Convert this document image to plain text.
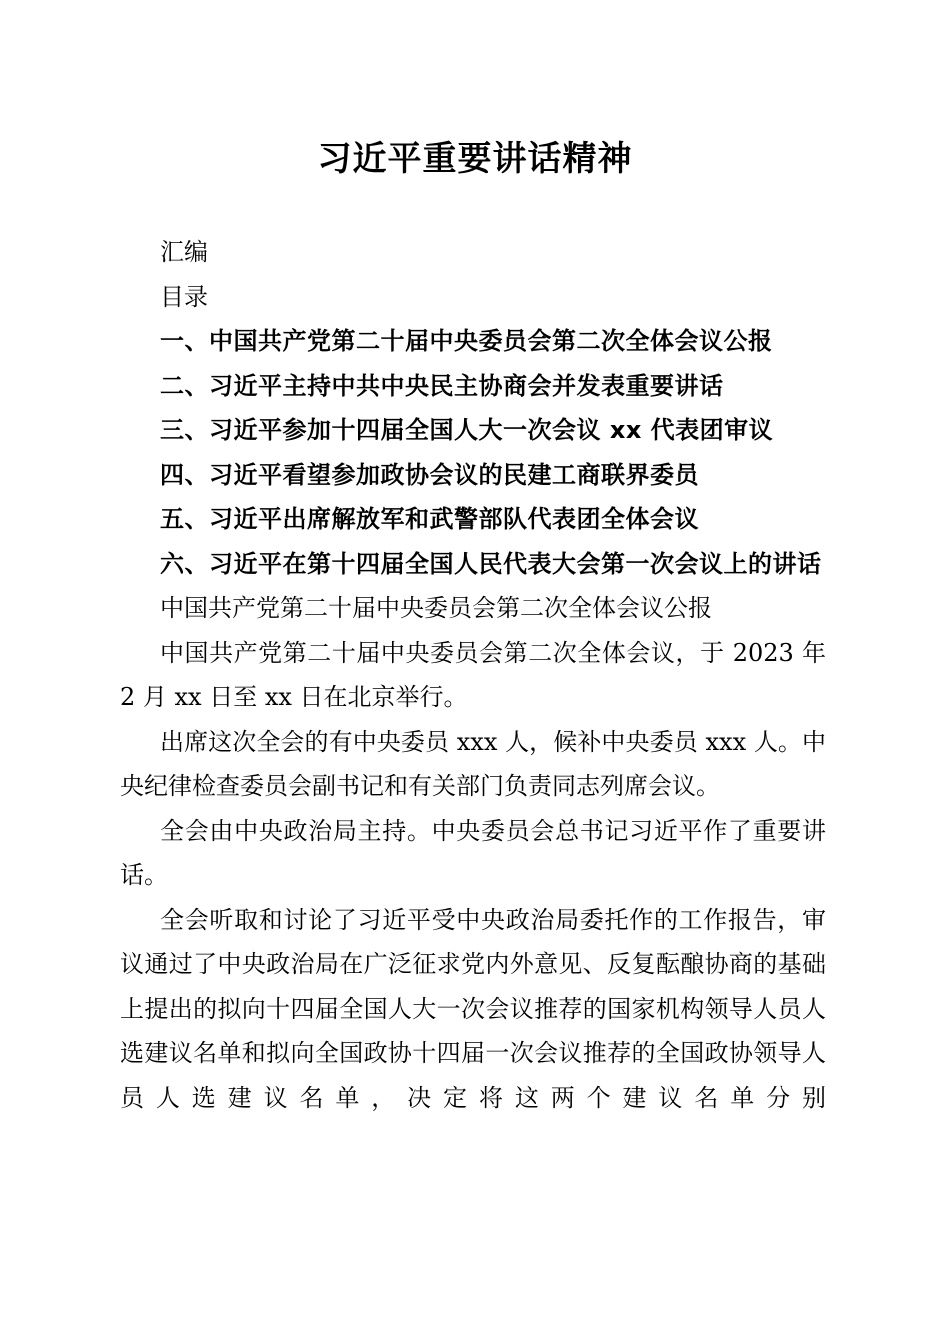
习近平重要讲话精神

汇编

目录

一、中国共产党第二十届中央委员会第二次全体会议公报

二、习近平主持中共中央民主协商会并发表重要讲话

三、习近平参加十四届全国人大一次会议 xx 代表团审议

四、习近平看望参加政协会议的民建工商联界委员

五、习近平出席解放军和武警部队代表团全体会议

六、习近平在第十四届全国人民代表大会第一次会议上的讲话

中国共产党第二十届中央委员会第二次全体会议公报

中国共产党第二十届中央委员会第二次全体会议，于 2023 年 2 月 xx 日至 xx 日在北京举行。

出席这次全会的有中央委员 xxx 人，候补中央委员 xxx 人。中央纪律检查委员会副书记和有关部门负责同志列席会议。

全会由中央政治局主持。中央委员会总书记习近平作了重要讲话。

全会听取和讨论了习近平受中央政治局委托作的工作报告，审议通过了中央政治局在广泛征求党内外意见、反复酝酿协商的基础上提出的拟向十四届全国人大一次会议推荐的国家机构领导人员人选建议名单和拟向全国政协十四届一次会议推荐的全国政协领导人员人选建议名单，决定将这两个建议名单分别
